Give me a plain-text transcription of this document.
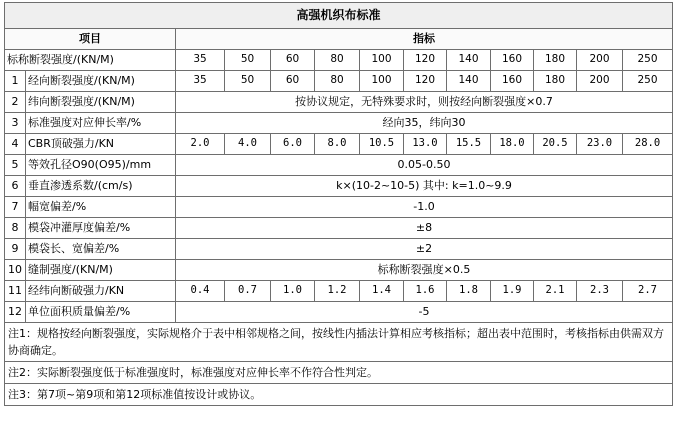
高强机织布标准												
项目		指标										
标称断裂强度/(KN/M)		35	50	60	80	100	120	140	160	180	200	250
1	经向断裂强度/(KN/M)	35	50	60	80	100	120	140	160	180	200	250
2	纬向断裂强度/(KN/M)	按协议规定，无特殊要求时，则按经向断裂强度×0.7										
3	标准强度对应伸长率/%	经向35，纬向30										
4	CBR顶破强力/KN	2.0	4.0	6.0	8.0	10.5	13.0	15.5	18.0	20.5	23.0	28.0
5	等效孔径O90(O95)/mm	0.05-0.50										
6	垂直渗透系数/(cm/s)	k×(10-2~10-5) 其中: k=1.0~9.9										
7	幅宽偏差/%	-1.0										
8	模袋冲灌厚度偏差/%	±8										
9	模袋长、宽偏差/%	±2										
10	缝制强度/(KN/M)	标称断裂强度×0.5										
11	经纬向断破强力/KN	0.4	0.7	1.0	1.2	1.4	1.6	1.8	1.9	2.1	2.3	2.7
12	单位面积质量偏差/%	-5										
注1：规格按经向断裂强度，实际规格介于表中相邻规格之间，按线性内插法计算相应考核指标；超出表中范围时，考核指标由供需双方协商确定。												
注2：实际断裂强度低于标准强度时，标准强度对应伸长率不作符合性判定。												
注3：第7项~第9项和第12项标准值按设计或协议。												
